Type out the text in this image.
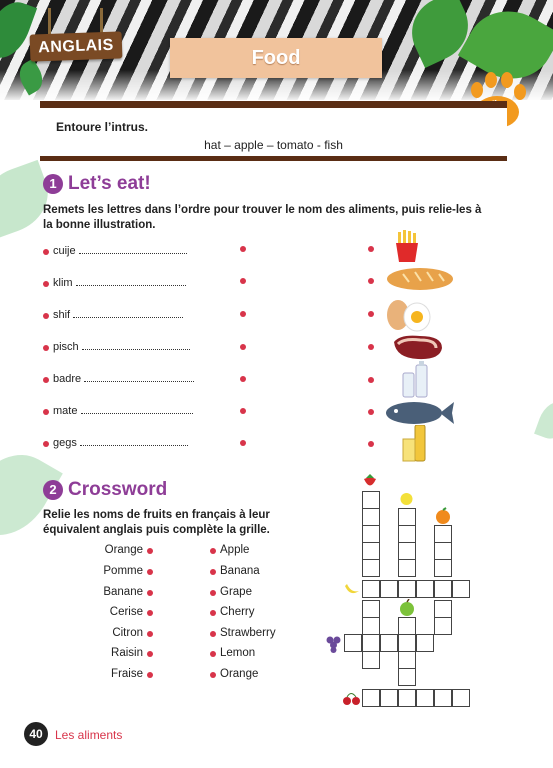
ANGLAIS
Food
Entoure l’intrus.
hat – apple – tomato - fish
1 Let’s eat!
Remets les lettres dans l’ordre pour trouver le nom des aliments, puis relie-les à
la bonne illustration.
cuije
klim
shif
pisch
badre
mate
gegs
2 Crossword
Relie les noms de fruits en français à leur
équivalent anglais puis complète la grille.
Orange
Pomme
Banane
Cerise
Citron
Raisin
Fraise
Apple
Banana
Grape
Cherry
Strawberry
Lemon
Orange
40	Les aliments
